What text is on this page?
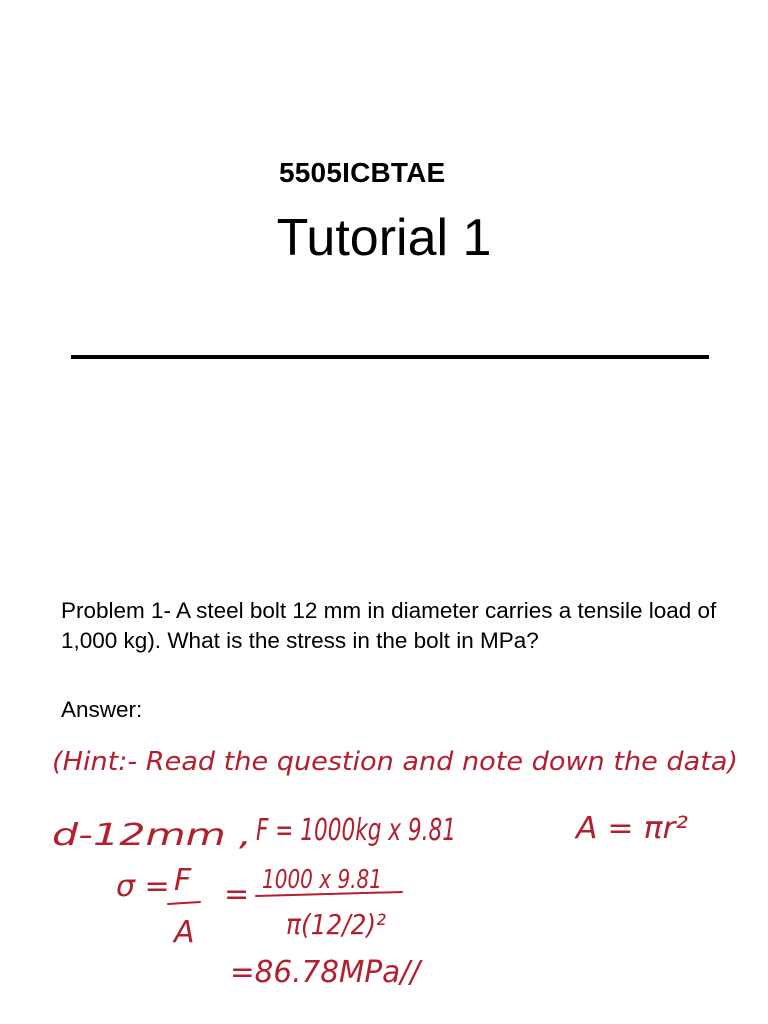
5505ICBTAE
Tutorial 1
Problem 1- A steel bolt 12 mm in diameter carries a tensile load of 1,000 kg). What is the stress in the bolt in MPa?
Answer:
(Hint:- Read the question and note down the data)
d-12mm , F = 1000kg x 9.81	A = πr²
σ = F
A
= 1000 x 9.81
π(12/2)²
=86.78MPa//
